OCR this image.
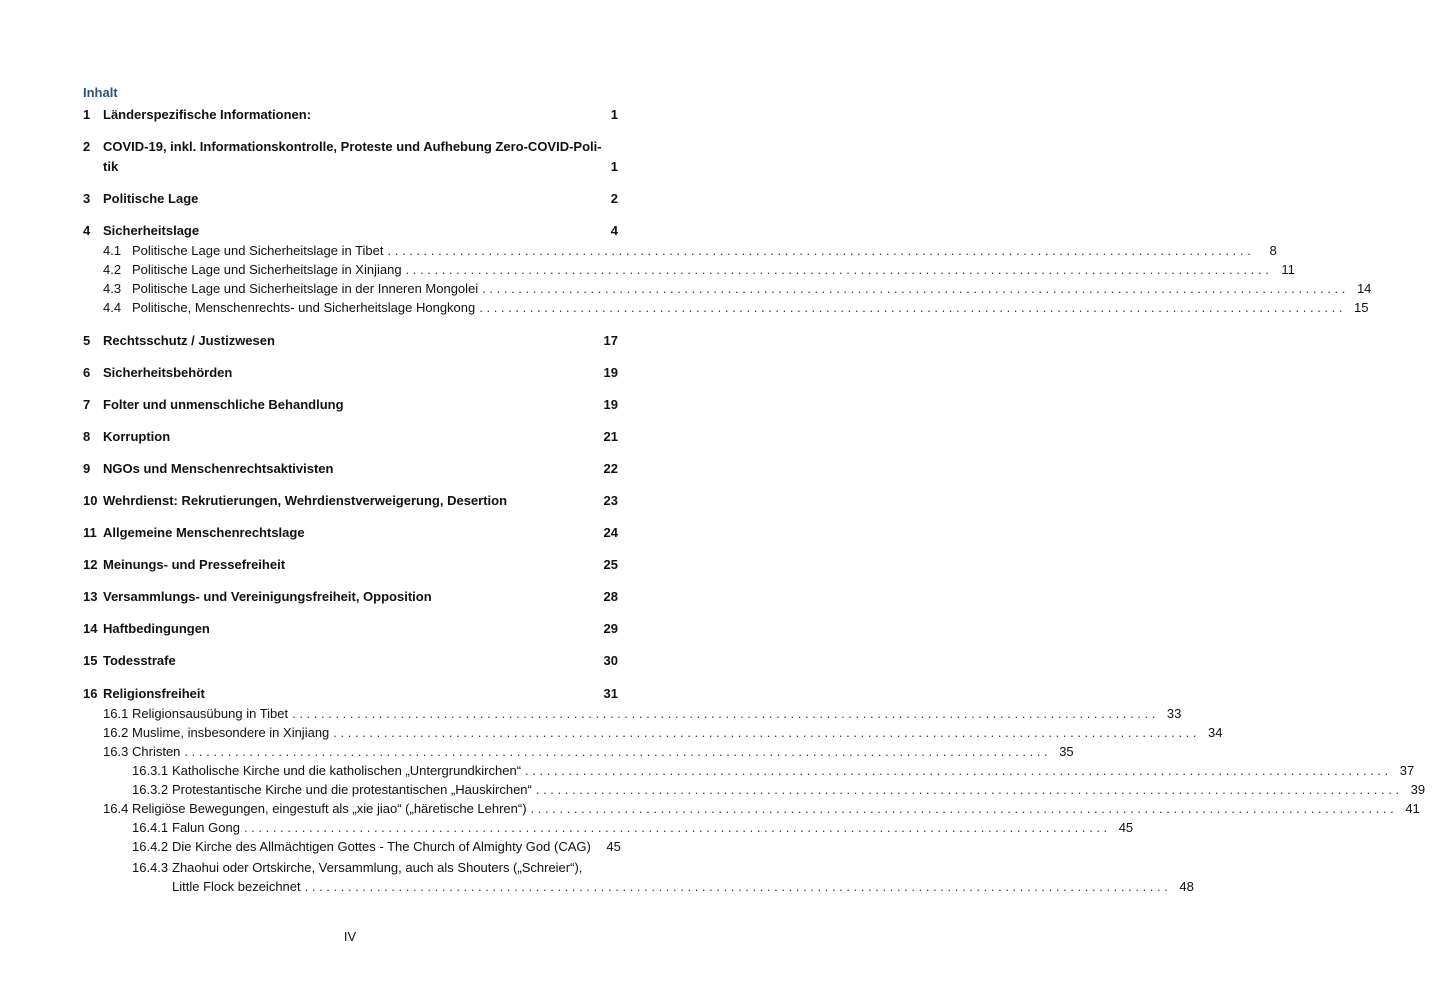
Inhalt
1 Länderspezifische Informationen:	1
2 COVID-19, inkl. Informationskontrolle, Proteste und Aufhebung Zero-COVID-Poli-
tik	1
3 Politische Lage	2
4 Sicherheitslage	4
4.1 Politische Lage und Sicherheitslage in Tibet . . . . . . . . . . . . . . . . . . . . . . . . . . . . . . . . . . . . . . . . . . . . . . . . . . . . . . . . . . . . . . . . . . . . . . . . . . . . . . . . . . . . . . . . . . . . . . . . . . . . . . . . . . . . . . . . . . . . . . . .	8
4.2 Politische Lage und Sicherheitslage in Xinjiang . . . . . . . . . . . . . . . . . . . . . . . . . . . . . . . . . . . . . . . . . . . . . . . . . . . . . . . . . . . . . . . . . . . . . . . . . . . . . . . . . . . . . . . . . . . . . . . . . . . . . . . . . . . . . . . . . . . . . . . . 11
4.3 Politische Lage und Sicherheitslage in der Inneren Mongolei . . . . . . . . . . . . . . . . . . . . . . . . . . . . . . . . . . . . . . . . . . . . . . . . . . . . . . . . . . . . . . . . . . . . . . . . . . . . . . . . . . . . . . . . . . . . . . . . . . . . . . . . . . . . . . . . . . . . . . . . 14
4.4 Politische, Menschenrechts- und Sicherheitslage Hongkong . . . . . . . . . . . . . . . . . . . . . . . . . . . . . . . . . . . . . . . . . . . . . . . . . . . . . . . . . . . . . . . . . . . . . . . . . . . . . . . . . . . . . . . . . . . . . . . . . . . . . . . . . . . . . . . . . . . . . . . . 15
5 Rechtsschutz / Justizwesen	17
6 Sicherheitsbehörden	19
7 Folter und unmenschliche Behandlung	19
8 Korruption	21
9 NGOs und Menschenrechtsaktivisten	22
10 Wehrdienst: Rekrutierungen, Wehrdienstverweigerung, Desertion	23
11 Allgemeine Menschenrechtslage	24
12 Meinungs- und Pressefreiheit	25
13 Versammlungs- und Vereinigungsfreiheit, Opposition	28
14 Haftbedingungen	29
15 Todesstrafe	30
16 Religionsfreiheit	31
16.1 Religionsausübung in Tibet . . . . . . . . . . . . . . . . . . . . . . . . . . . . . . . . . . . . . . . . . . . . . . . . . . . . . . . . . . . . . . . . . . . . . . . . . . . . . . . . . . . . . . . . . . . . . . . . . . . . . . . . . . . . . . . . . . . . . . . . 33
16.2 Muslime, insbesondere in Xinjiang . . . . . . . . . . . . . . . . . . . . . . . . . . . . . . . . . . . . . . . . . . . . . . . . . . . . . . . . . . . . . . . . . . . . . . . . . . . . . . . . . . . . . . . . . . . . . . . . . . . . . . . . . . . . . . . . . . . . . . . . 34
16.3 Christen . . . . . . . . . . . . . . . . . . . . . . . . . . . . . . . . . . . . . . . . . . . . . . . . . . . . . . . . . . . . . . . . . . . . . . . . . . . . . . . . . . . . . . . . . . . . . . . . . . . . . . . . . . . . . . . . . . . . . . . . 35
16.3.1 Katholische Kirche und die katholischen „Untergrundkirchen“ . . . . . . . . . . . . . . . . . . . . . . . . . . . . . . . . . . . . . . . . . . . . . . . . . . . . . . . . . . . . . . . . . . . . . . . . . . . . . . . . . . . . . . . . . . . . . . . . . . . . . . . . . . . . . . . . . . . . . . . . 37
16.3.2 Protestantische Kirche und die protestantischen „Hauskirchen“ . . . . . . . . . . . . . . . . . . . . . . . . . . . . . . . . . . . . . . . . . . . . . . . . . . . . . . . . . . . . . . . . . . . . . . . . . . . . . . . . . . . . . . . . . . . . . . . . . . . . . . . . . . . . . . . . . . . . . . . . 39
16.4 Religiöse Bewegungen, eingestuft als „xie jiao“ („häretische Lehren“) . . . . . . . . . . . . . . . . . . . . . . . . . . . . . . . . . . . . . . . . . . . . . . . . . . . . . . . . . . . . . . . . . . . . . . . . . . . . . . . . . . . . . . . . . . . . . . . . . . . . . . . . . . . . . . . . . . . . . . . . 41
16.4.1 Falun Gong . . . . . . . . . . . . . . . . . . . . . . . . . . . . . . . . . . . . . . . . . . . . . . . . . . . . . . . . . . . . . . . . . . . . . . . . . . . . . . . . . . . . . . . . . . . . . . . . . . . . . . . . . . . . . . . . . . . . . . . . 45
16.4.2 Die Kirche des Allmächtigen Gottes - The Church of Almighty God (CAG)	45
16.4.3 Zhaohui oder Ortskirche, Versammlung, auch als Shouters („Schreier“),
Little Flock bezeichnet . . . . . . . . . . . . . . . . . . . . . . . . . . . . . . . . . . . . . . . . . . . . . . . . . . . . . . . . . . . . . . . . . . . . . . . . . . . . . . . . . . . . . . . . . . . . . . . . . . . . . . . . . . . . . . . . . . . . . . . . 48
IV
